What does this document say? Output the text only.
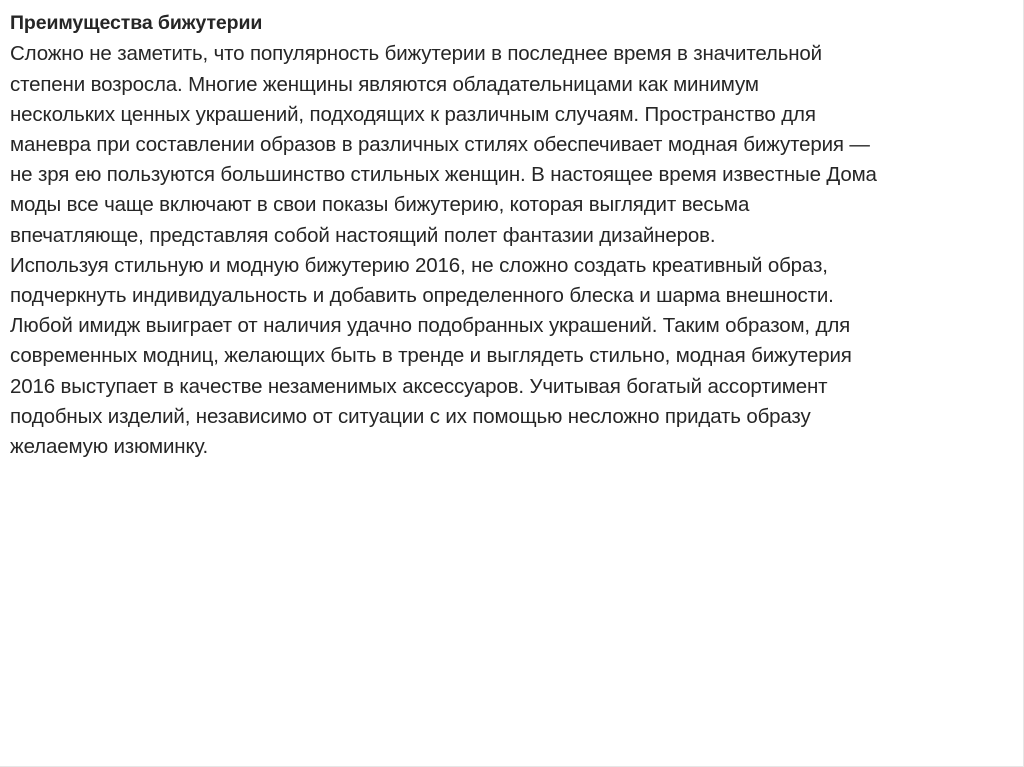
Преимущества бижутерии

Сложно не заметить, что популярность бижутерии в последнее время в значительной
степени возросла. Многие женщины являются обладательницами как минимум
нескольких ценных украшений, подходящих к различным случаям. Пространство для
маневра при составлении образов в различных стилях обеспечивает модная бижутерия —
не зря ею пользуются большинство стильных женщин. В настоящее время известные Дома
моды все чаще включают в свои показы бижутерию, которая выглядит весьма
впечатляюще, представляя собой настоящий полет фантазии дизайнеров.

Используя стильную и модную бижутерию 2016, не сложно создать креативный образ,
подчеркнуть индивидуальность и добавить определенного блеска и шарма внешности.
Любой имидж выиграет от наличия удачно подобранных украшений. Таким образом, для
современных модниц, желающих быть в тренде и выглядеть стильно, модная бижутерия
2016 выступает в качестве незаменимых аксессуаров. Учитывая богатый ассортимент
подобных изделий, независимо от ситуации с их помощью несложно придать образу
желаемую изюминку.
